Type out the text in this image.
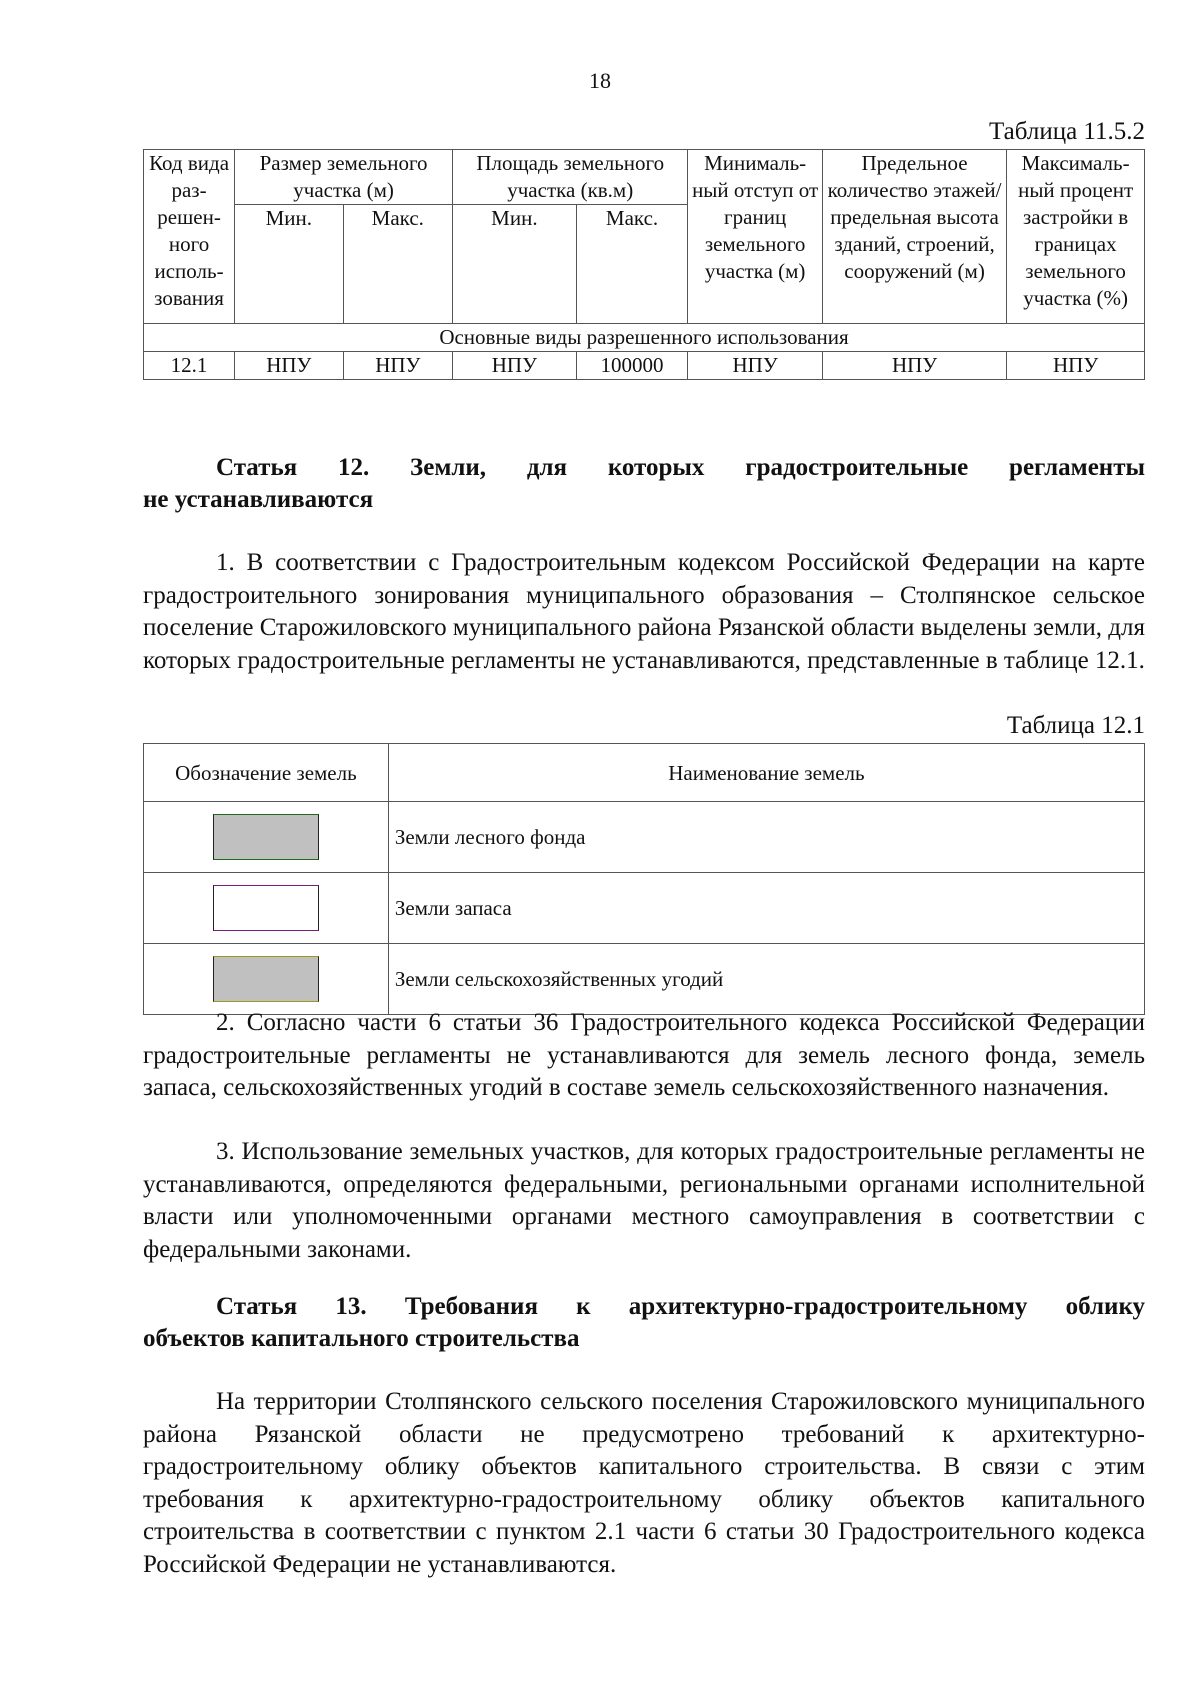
18
Таблица 11.5.2
Код вида раз-решен-ного исполь-зования	Размер земельного участка (м)		Площадь земельного участка (кв.м)		Минималь-ный отступ от границ земельного участка (м)	Предельное количество этажей/ предельная высота зданий, строений, сооружений (м)	Максималь-ный процент застройки в границах земельного участка (%)
	Мин.	Макс.	Мин.	Макс.			
Основные виды разрешенного использования							
12.1	НПУ	НПУ	НПУ	100000	НПУ	НПУ	НПУ
Статья 12. Земли, для которых градостроительные регламенты
не устанавливаются

1. В соответствии с Градостроительным кодексом Российской Федерации на карте градостроительного зонирования муниципального образования – Столпянское сельское поселение Старожиловского муниципального района Рязанской области выделены земли, для которых градостроительные регламенты не устанавливаются, представленные в таблице 12.1.

Таблица 12.1
Обозначение земель	Наименование земель

	Земли лесного фонда

	Земли запаса

	Земли сельскохозяйственных угодий

2. Согласно части 6 статьи 36 Градостроительного кодекса Российской Федерации градостроительные регламенты не устанавливаются для земель лесного фонда, земель запаса, сельскохозяйственных угодий в составе земель сельскохозяйственного назначения.

3. Использование земельных участков, для которых градостроительные регламенты не устанавливаются, определяются федеральными, региональными органами исполнительной власти или уполномоченными органами местного самоуправления в соответствии с федеральными законами.

Статья 13. Требования к архитектурно-градостроительному облику
объектов капитального строительства

На территории Столпянского сельского поселения Старожиловского муниципального района Рязанской области не предусмотрено требований к архитектурно-градостроительному облику объектов капитального строительства. В связи с этим требования к архитектурно-градостроительному облику объектов капитального строительства в соответствии с пунктом 2.1 части 6 статьи 30 Градостроительного кодекса Российской Федерации не устанавливаются.
